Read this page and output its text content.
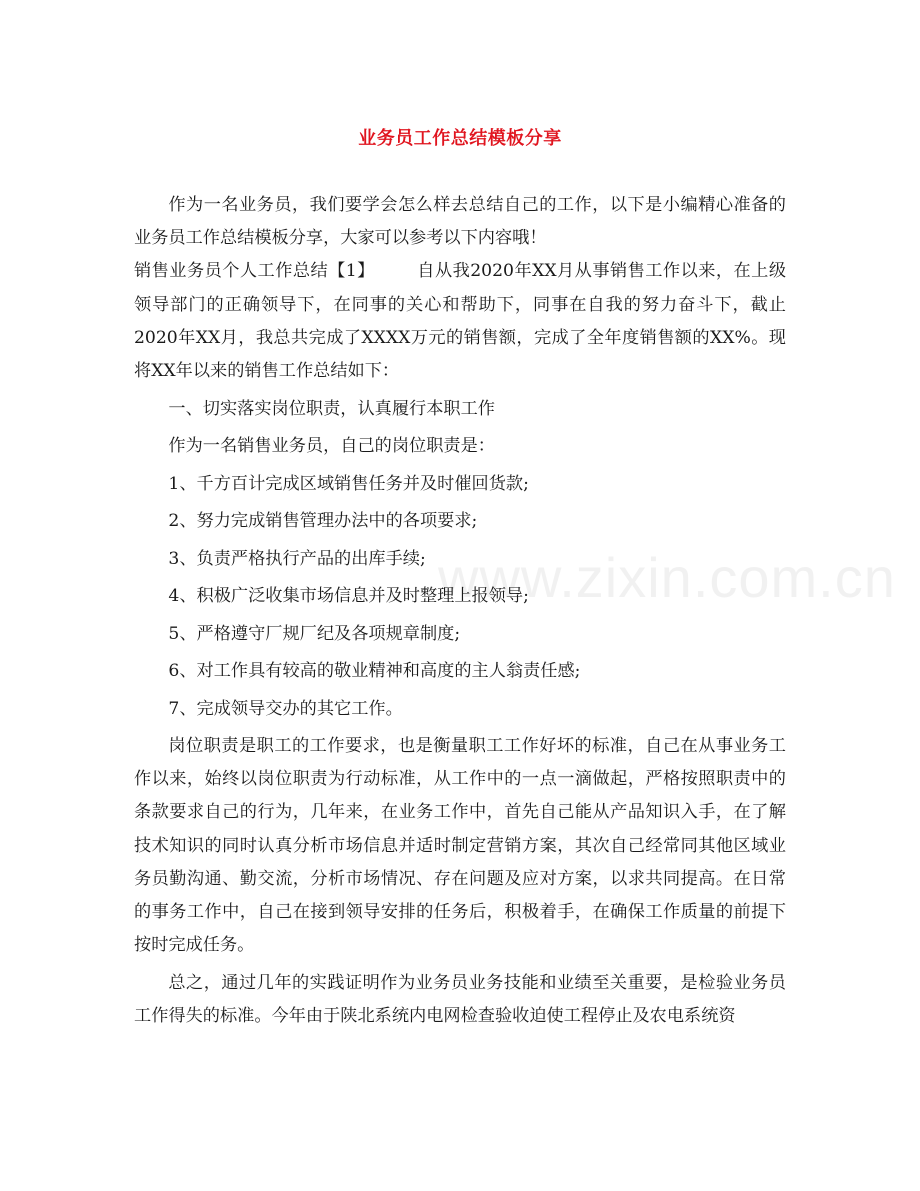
业务员工作总结模板分享
www.zixin.com.cn

作为一名业务员，我们要学会怎么样去总结自己的工作，以下是小编精心准备的业务员工作总结模板分享，大家可以参考以下内容哦！

销售业务员个人工作总结【1】 自从我2020年XX月从事销售工作以来，在上级领导部门的正确领导下，在同事的关心和帮助下，同事在自我的努力奋斗下，截止2020年XX月，我总共完成了XXXX万元的销售额，完成了全年度销售额的XX%。现将XX年以来的销售工作总结如下：

一、切实落实岗位职责，认真履行本职工作

作为一名销售业务员，自己的岗位职责是：

1、千方百计完成区域销售任务并及时催回货款;

2、努力完成销售管理办法中的各项要求;

3、负责严格执行产品的出库手续;

4、积极广泛收集市场信息并及时整理上报领导;

5、严格遵守厂规厂纪及各项规章制度;

6、对工作具有较高的敬业精神和高度的主人翁责任感;

7、完成领导交办的其它工作。

岗位职责是职工的工作要求，也是衡量职工工作好坏的标准，自己在从事业务工作以来，始终以岗位职责为行动标准，从工作中的一点一滴做起，严格按照职责中的条款要求自己的行为，几年来，在业务工作中，首先自己能从产品知识入手，在了解技术知识的同时认真分析市场信息并适时制定营销方案，其次自己经常同其他区域业务员勤沟通、勤交流，分析市场情况、存在问题及应对方案，以求共同提高。在日常的事务工作中，自己在接到领导安排的任务后，积极着手，在确保工作质量的前提下按时完成任务。

总之，通过几年的实践证明作为业务员业务技能和业绩至关重要，是检验业务员工作得失的标准。今年由于陕北系统内电网检查验收迫使工程停止及农电系统资
